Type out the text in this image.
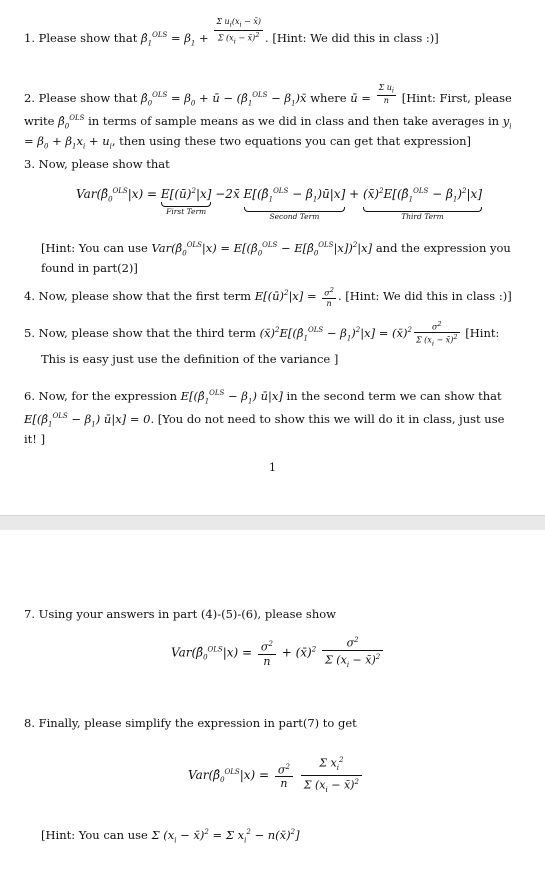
1. Please show that $\betâ_1^{OLS} = \beta_1 + \frac{\Sigma u_i(x_i - x̄)}{\Sigma (x_i - x̄)^2}$ . [Hint: We did this in class :)]
2. Please show that $\betâ_0^{OLS} = \beta_0$ + ū − ($\betâ_1^{OLS}$ − $\beta_1)x̄$ where ū = $\frac{\Sigma u_i}{n}$ [Hint: First, please write $\betâ_0^{OLS}$ in terms of sample means as we did in class and then take averages in $y_i = \beta_0 + \beta_1x_i + u_i$, then using these two equations you can get that expression]
3. Now, please show that
$Var(\betâ_0^{OLS}|x)$ = E[(ū)$^2$|x]
First Term
−2x̄ $E[(\betâ_1^{OLS}$ − $\beta_1)ū|x$]
Second Term
+ $(x̄)^2E[(\betâ_1^{OLS} - \beta_1)^2|x]$
Third Term
[Hint: You can use $Var(\betâ_0^{OLS}|x)$ = $E[(\betâ_0^{OLS}$ − $E[\betâ_0^{OLS}|x])^2|x$] and the expression you found in part(2)]
4. Now, please show that the first term E[(ū)$^2$|x] = $\frac{\sigma^2}{n}$ . [Hint: We did this in class :)]
5. Now, please show that the third term $(x̄)^2E[(\betâ_1^{OLS} - \beta_1)^2|x]$ = (x̄)$^2$ $\frac{\sigma^2}{\Sigma (x_i - x̄)^2}$ [Hint:
This is easy just use the definition of the variance ]
6. Now, for the expression $E[(\betâ_1^{OLS} - \beta_1)$ ū|x] in the second term we can show that $E[(\betâ_1^{OLS} - \beta_1)$ ū|x] = 0. [You do not need to show this we will do it in class, just use it! ]
1
7. Using your answers in part (4)-(5)-(6), please show
$Var(\betâ_0^{OLS}|x) = \frac{\sigma^2}{n}$ + (x̄)$^2$ $\frac{\sigma^2}{\Sigma (x_i - x̄)^2}$
8. Finally, please simplify the expression in part(7) to get
$Var(\betâ_0^{OLS}|x) = \frac{\sigma^2}{n}$
$\frac{\Sigma x_i^2}{\Sigma (x_i - x̄)^2}$
[Hint: You can use Σ ($x_i$ − x̄)$^2$ = Σ $x_i^2$ − n(x̄)$^2$]
